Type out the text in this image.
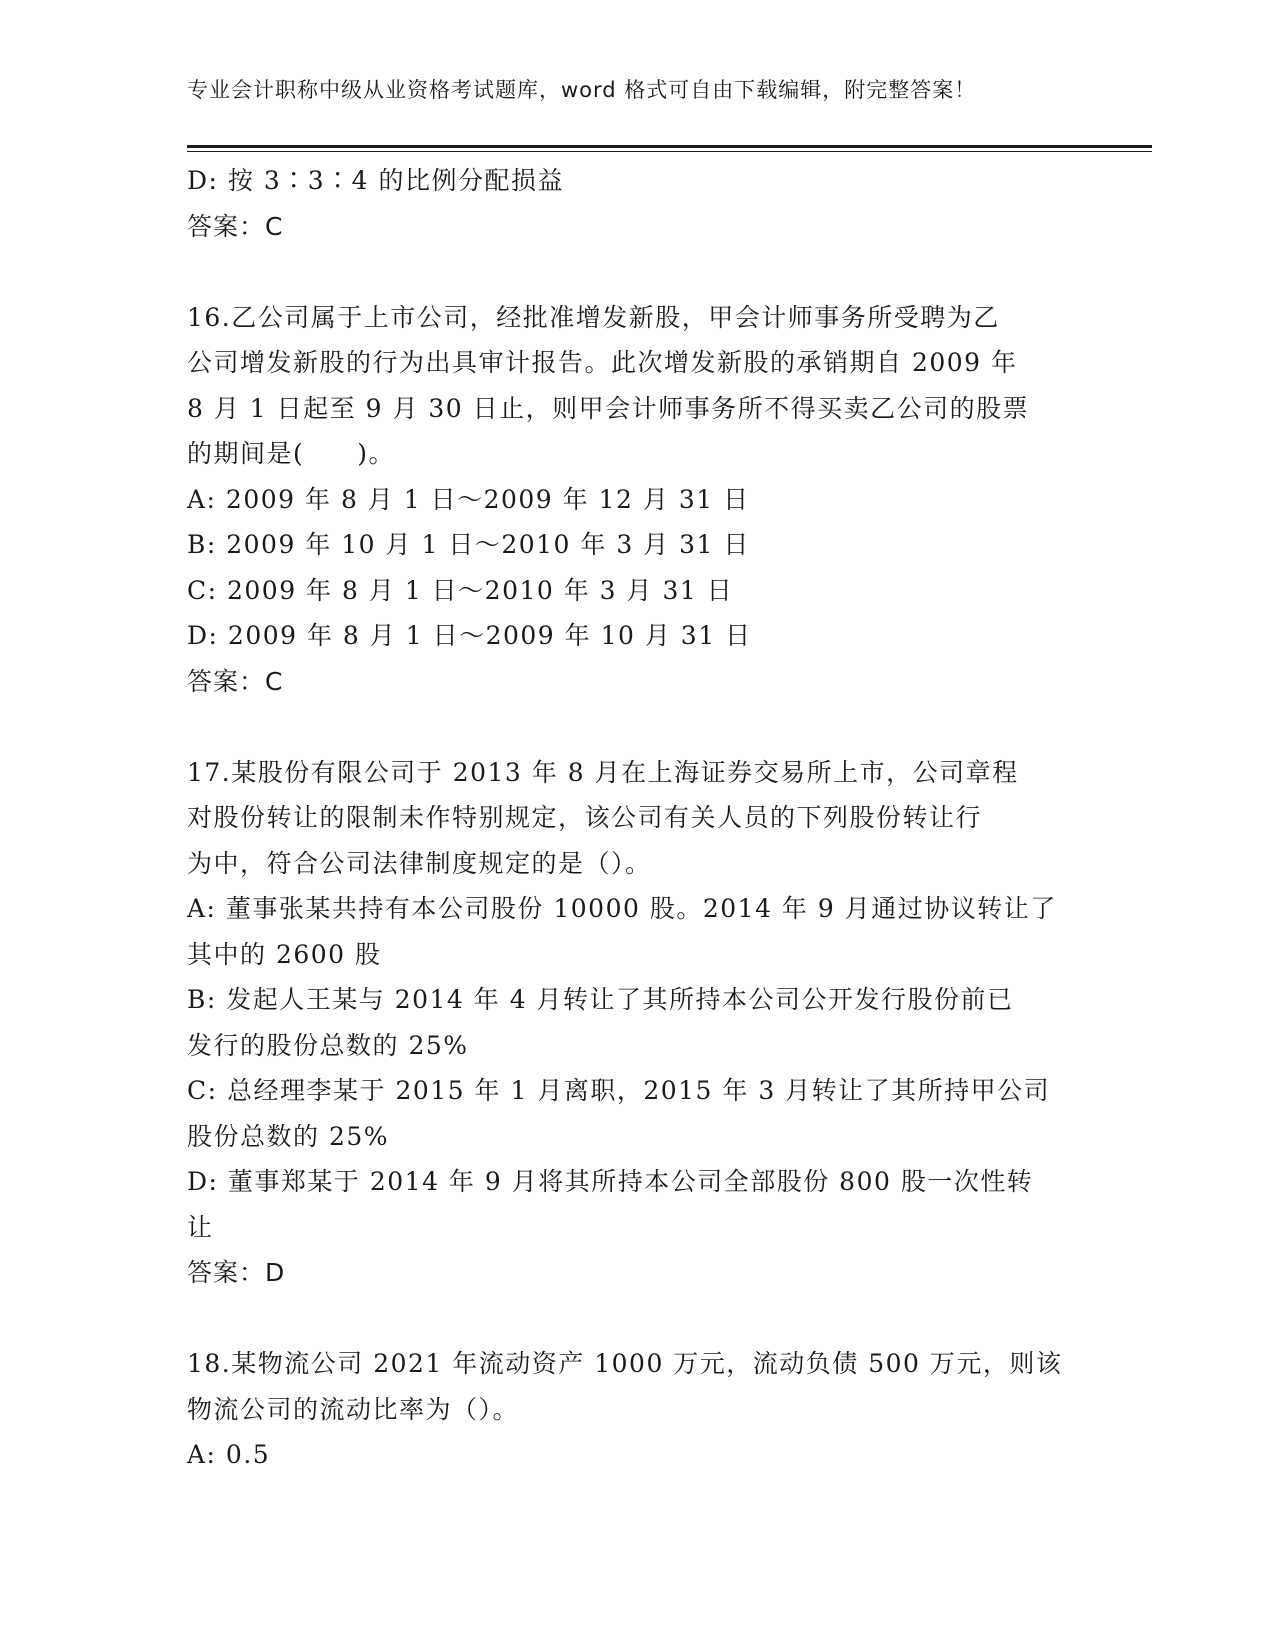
专业会计职称中级从业资格考试题库，word 格式可自由下载编辑，附完整答案！
D: 按 3∶3∶4 的比例分配损益
答案：C
16.乙公司属于上市公司，经批准增发新股，甲会计师事务所受聘为乙
公司增发新股的行为出具审计报告。此次增发新股的承销期自 2009 年
8 月 1 日起至 9 月 30 日止，则甲会计师事务所不得买卖乙公司的股票
的期间是(　　)。
A: 2009 年 8 月 1 日～2009 年 12 月 31 日
B: 2009 年 10 月 1 日～2010 年 3 月 31 日
C: 2009 年 8 月 1 日～2010 年 3 月 31 日
D: 2009 年 8 月 1 日～2009 年 10 月 31 日
答案：C
17.某股份有限公司于 2013 年 8 月在上海证券交易所上市，公司章程
对股份转让的限制未作特别规定，该公司有关人员的下列股份转让行
为中，符合公司法律制度规定的是（）。
A: 董事张某共持有本公司股份 10000 股。2014 年 9 月通过协议转让了
其中的 2600 股
B: 发起人王某与 2014 年 4 月转让了其所持本公司公开发行股份前已
发行的股份总数的 25%
C: 总经理李某于 2015 年 1 月离职，2015 年 3 月转让了其所持甲公司
股份总数的 25%
D: 董事郑某于 2014 年 9 月将其所持本公司全部股份 800 股一次性转
让
答案：D
18.某物流公司 2021 年流动资产 1000 万元，流动负债 500 万元，则该
物流公司的流动比率为（）。
A: 0.5
